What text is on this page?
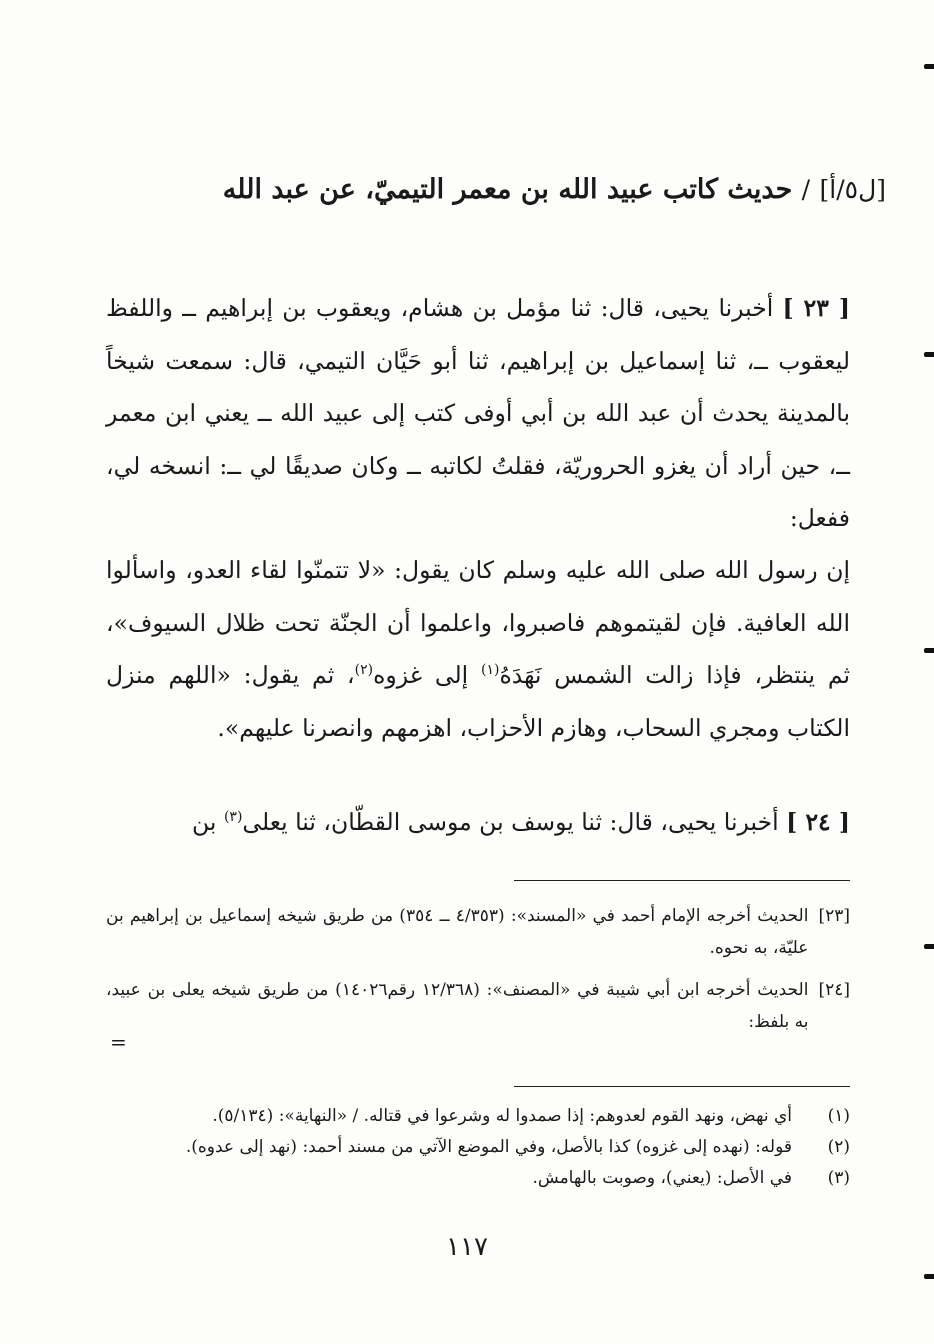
[ل٥/أ] / حديث كاتب عبيد الله بن معمر التيميّ، عن عبد الله
[ ٢٣ ] أخبرنا يحيى، قال: ثنا مؤمل بن هشام، ويعقوب بن إبراهيم ــ واللفظ ليعقوب ــ، ثنا إسماعيل بن إبراهيم، ثنا أبو حَيَّان التيمي، قال: سمعت شيخاً بالمدينة يحدث أن عبد الله بن أبي أوفى كتب إلى عبيد الله ــ يعني ابن معمر ــ، حين أراد أن يغزو الحروريّة، فقلتُ لكاتبه ــ وكان صديقًا لي ــ: انسخه لي، ففعل:
إن رسول الله صلى الله عليه وسلم كان يقول: «لا تتمنّوا لقاء العدو، واسألوا الله العافية. فإن لقيتموهم فاصبروا، واعلموا أن الجنّة تحت ظلال السيوف»، ثم ينتظر، فإذا زالت الشمس نَهَدَهُ$^{(١)}$ إلى غزوه$^{(٢)}$، ثم يقول: «اللهم منزل الكتاب ومجري السحاب، وهازم الأحزاب، اهزمهم وانصرنا عليهم».
[ ٢٤ ] أخبرنا يحيى، قال: ثنا يوسف بن موسى القطّان، ثنا يعلى$^{(٣)}$ بن
[٢٣]
الحديث أخرجه الإمام أحمد في «المسند»: (٤/٣٥٣ ــ ٣٥٤) من طريق شيخه إسماعيل بن إبراهيم بن عليّة، به نحوه.
[٢٤]
الحديث أخرجه ابن أبي شيبة في «المصنف»: (١٢/٣٦٨ رقم١٤٠٢٦) من طريق شيخه يعلى بن عبيد، به بلفظ:
=
(١)
أي نهض، ونهد القوم لعدوهم: إذا صمدوا له وشرعوا في قتاله. / «النهاية»: (٥/١٣٤).
(٢)
قوله: (نهده إلى غزوه) كذا بالأصل، وفي الموضع الآتي من مسند أحمد: (نهد إلى عدوه).
(٣)
في الأصل: (يعني)، وصوبت بالهامش.
١١٧
